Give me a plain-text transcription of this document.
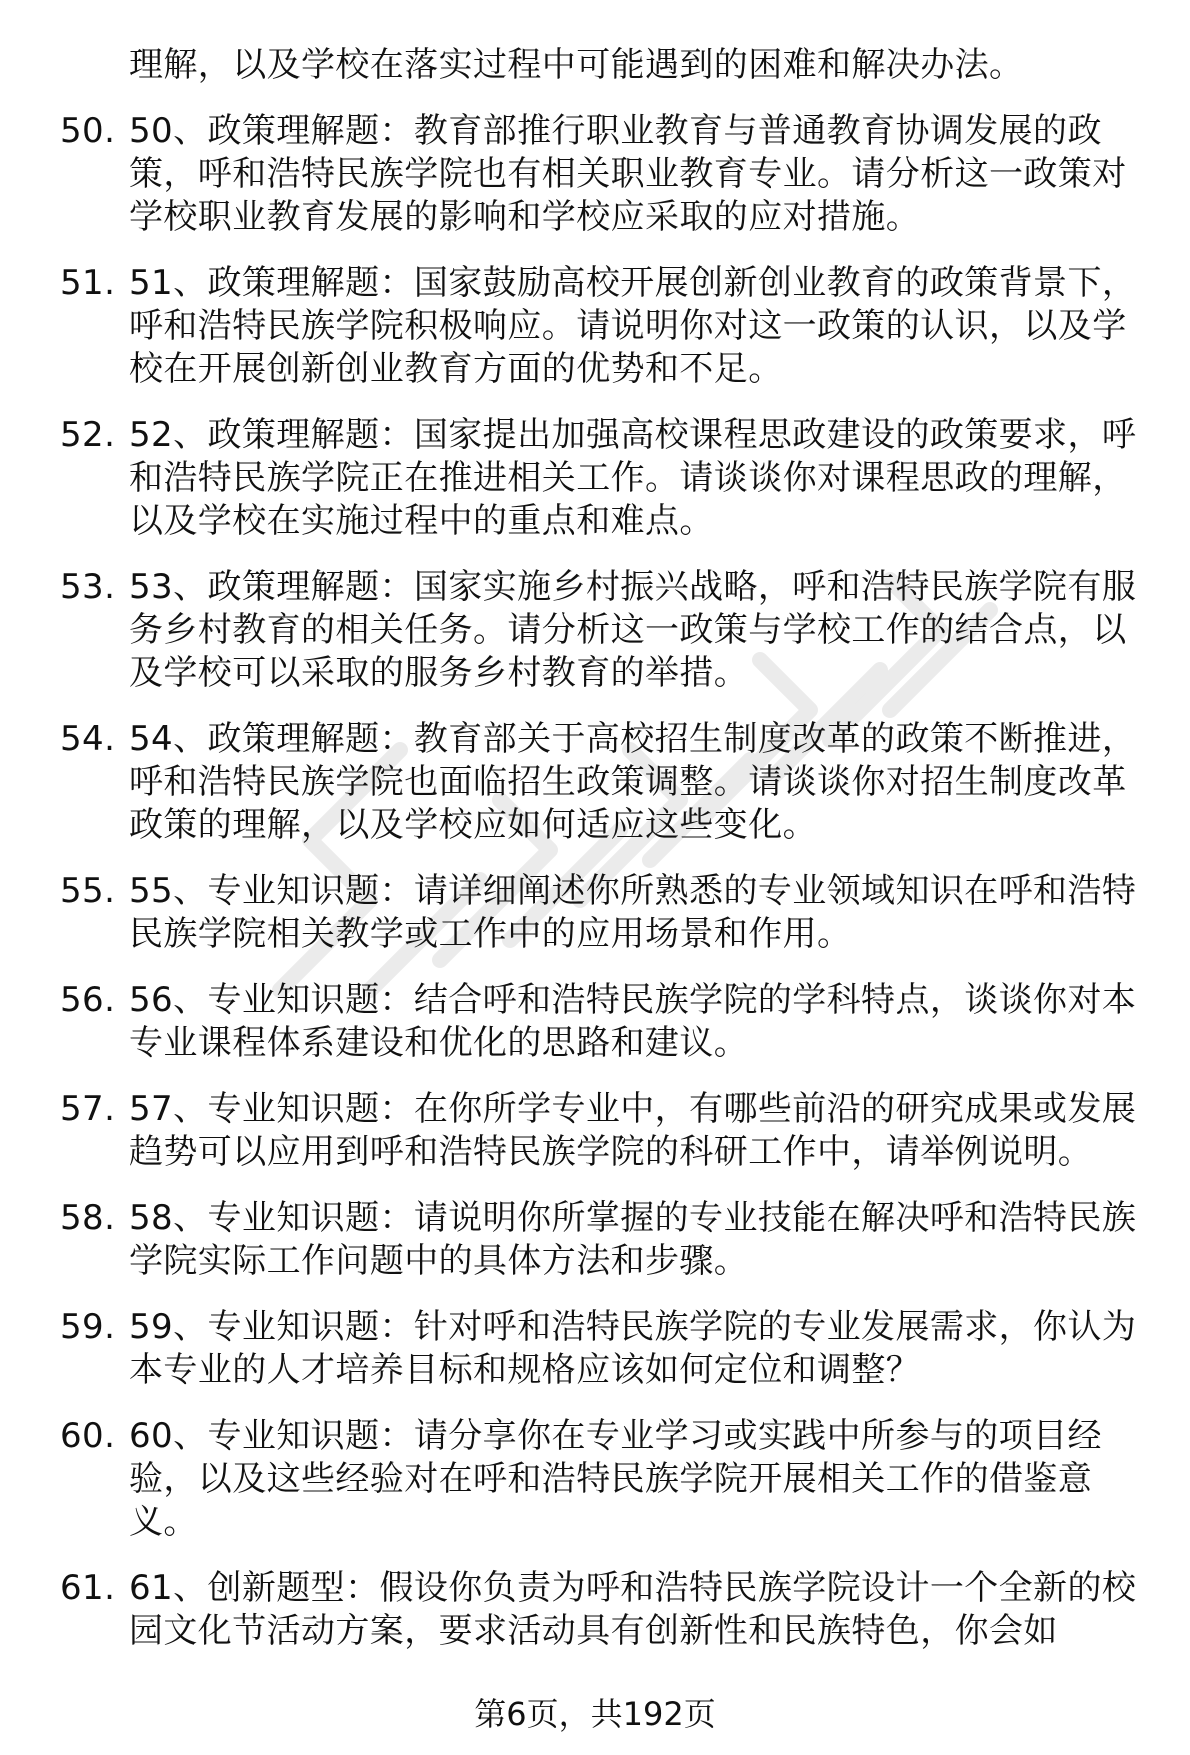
理解，以及学校在落实过程中可能遇到的困难和解决办法。

50. 50、政策理解题：教育部推行职业教育与普通教育协调发展的政策，呼和浩特民族学院也有相关职业教育专业。请分析这一政策对学校职业教育发展的影响和学校应采取的应对措施。
51. 51、政策理解题：国家鼓励高校开展创新创业教育的政策背景下，呼和浩特民族学院积极响应。请说明你对这一政策的认识，以及学校在开展创新创业教育方面的优势和不足。
52. 52、政策理解题：国家提出加强高校课程思政建设的政策要求，呼和浩特民族学院正在推进相关工作。请谈谈你对课程思政的理解，以及学校在实施过程中的重点和难点。
53. 53、政策理解题：国家实施乡村振兴战略，呼和浩特民族学院有服务乡村教育的相关任务。请分析这一政策与学校工作的结合点，以及学校可以采取的服务乡村教育的举措。
54. 54、政策理解题：教育部关于高校招生制度改革的政策不断推进，呼和浩特民族学院也面临招生政策调整。请谈谈你对招生制度改革政策的理解，以及学校应如何适应这些变化。
55. 55、专业知识题：请详细阐述你所熟悉的专业领域知识在呼和浩特民族学院相关教学或工作中的应用场景和作用。
56. 56、专业知识题：结合呼和浩特民族学院的学科特点，谈谈你对本专业课程体系建设和优化的思路和建议。
57. 57、专业知识题：在你所学专业中，有哪些前沿的研究成果或发展趋势可以应用到呼和浩特民族学院的科研工作中，请举例说明。
58. 58、专业知识题：请说明你所掌握的专业技能在解决呼和浩特民族学院实际工作问题中的具体方法和步骤。
59. 59、专业知识题：针对呼和浩特民族学院的专业发展需求，你认为本专业的人才培养目标和规格应该如何定位和调整？
60. 60、专业知识题：请分享你在专业学习或实践中所参与的项目经验，以及这些经验对在呼和浩特民族学院开展相关工作的借鉴意义。
61. 61、创新题型：假设你负责为呼和浩特民族学院设计一个全新的校园文化节活动方案，要求活动具有创新性和民族特色，你会如
第6页，共192页
